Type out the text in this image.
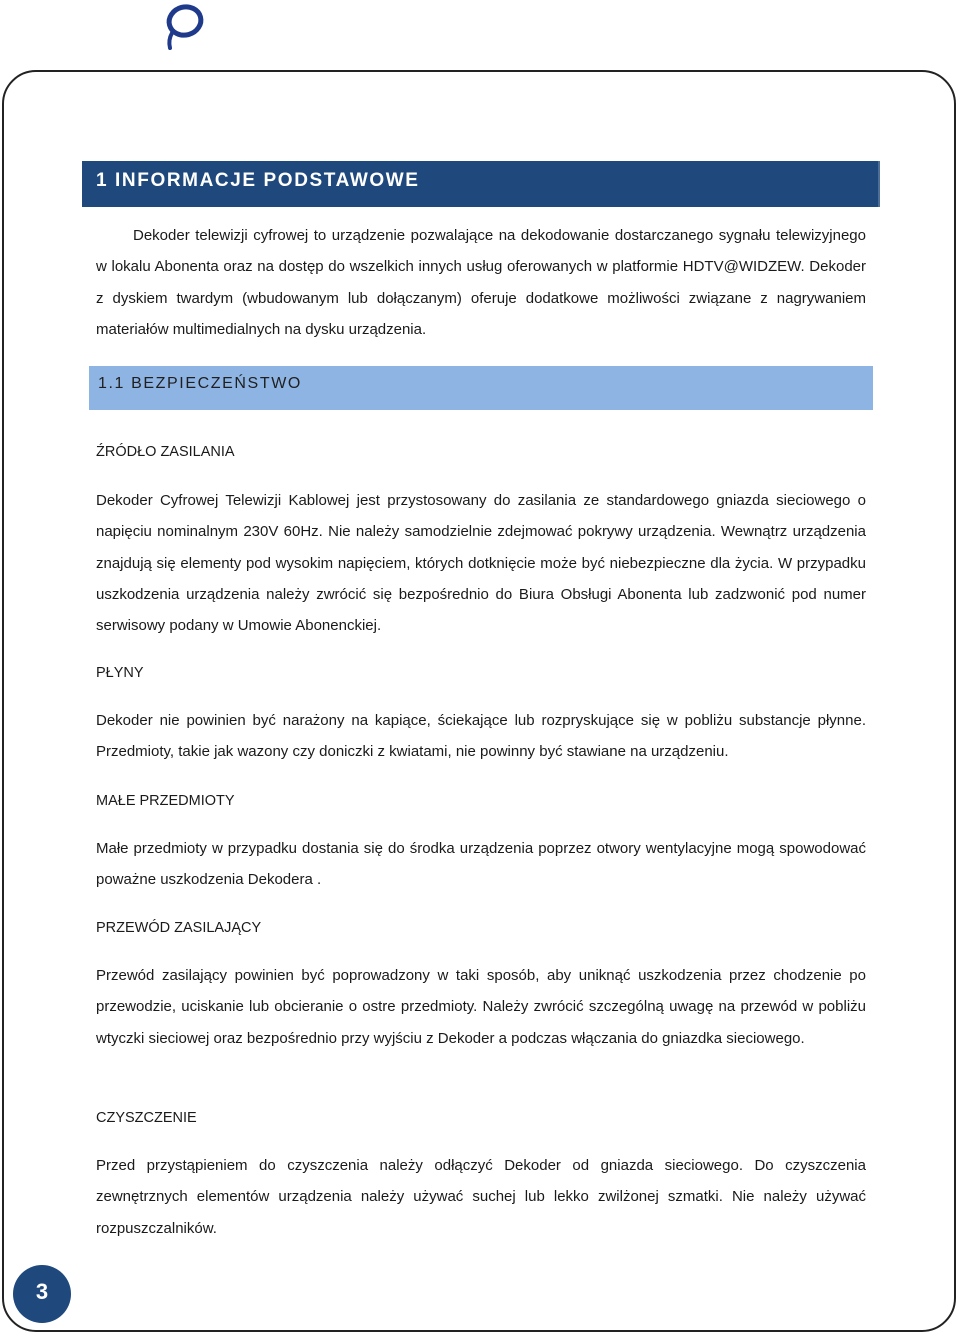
1 INFORMACJE PODSTAWOWE

Dekoder telewizji cyfrowej to urządzenie pozwalające na dekodowanie dostarczanego sygnału telewizyjnego w lokalu Abonenta oraz na dostęp do wszelkich innych usług oferowanych w platformie HDTV@WIDZEW. Dekoder z dyskiem twardym (wbudowanym lub dołączanym) oferuje dodatkowe możliwości związane z nagrywaniem materiałów multimedialnych na dysku urządzenia.

1.1 BEZPIECZEŃSTWO

ŹRÓDŁO ZASILANIA

Dekoder Cyfrowej Telewizji Kablowej jest przystosowany do zasilania ze standardowego gniazda sieciowego o napięciu nominalnym 230V 60Hz. Nie należy samodzielnie zdejmować pokrywy urządzenia. Wewnątrz urządzenia znajdują się elementy pod wysokim napięciem, których dotknięcie może być niebezpieczne dla życia. W przypadku uszkodzenia urządzenia należy zwrócić się bezpośrednio do Biura Obsługi Abonenta lub zadzwonić pod numer serwisowy podany w Umowie Abonenckiej.

PŁYNY

Dekoder nie powinien być narażony na kapiące, ściekające lub rozpryskujące się w pobliżu substancje płynne. Przedmioty, takie jak wazony czy doniczki z kwiatami, nie powinny być stawiane na urządzeniu.

MAŁE PRZEDMIOTY

Małe przedmioty w przypadku dostania się do środka urządzenia poprzez otwory wentylacyjne mogą spowodować poważne uszkodzenia Dekodera .

PRZEWÓD ZASILAJĄCY

Przewód zasilający powinien być poprowadzony w taki sposób, aby uniknąć uszkodzenia przez chodzenie po przewodzie, uciskanie lub obcieranie o ostre przedmioty. Należy zwrócić szczególną uwagę na przewód w pobliżu wtyczki sieciowej oraz bezpośrednio przy wyjściu z Dekoder a podczas włączania do gniazdka sieciowego.

CZYSZCZENIE

Przed przystąpieniem do czyszczenia należy odłączyć Dekoder od gniazda sieciowego. Do czyszczenia zewnętrznych elementów urządzenia należy używać suchej lub lekko zwilżonej szmatki. Nie należy używać rozpuszczalników.

3
